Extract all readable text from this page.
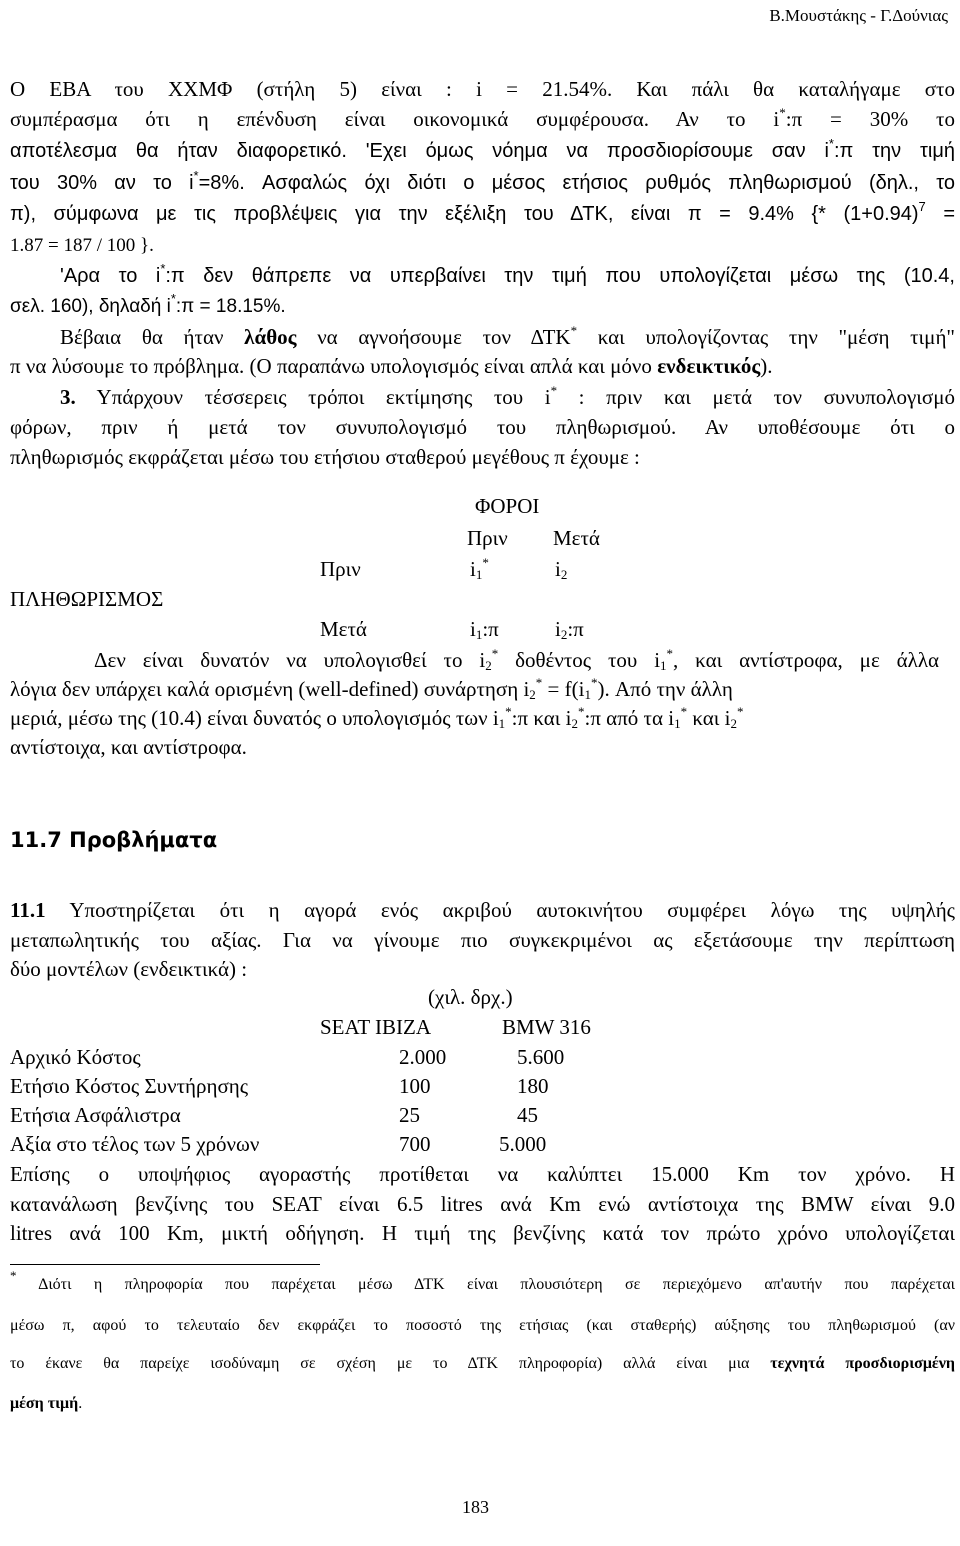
Β.Μουστάκης - Γ.Δούνιας
Ο ΕΒΑ του ΧΧΜΦ (στήλη 5) είναι : i = 21.54%. Και πάλι θα καταλήγαμε στο
συμπέρασμα ότι η επένδυση είναι οικονομικά συμφέρουσα. Αν το i*:π = 30% το
αποτέλεσμα θα ήταν διαφορετικό. 'Εχει όμως νόημα να προσδιορίσουμε σαν i*:π την τιμή
του 30% αν το i*=8%. Ασφαλώς όχι διότι ο μέσος ετήσιος ρυθμός πληθωρισμού (δηλ., το
π), σύμφωνα με τις προβλέψεις για την εξέλιξη του ΔΤΚ, είναι π = 9.4% {* $(1+0.94)^7$ =
1.87 = 187 / 100 }.
'Αρα το i*:π δεν θάπρεπε να υπερβαίνει την τιμή που υπολογίζεται μέσω της (10.4,
σελ. 160), δηλαδή i*:π = 18.15%.
Βέβαια θα ήταν λάθος να αγνοήσουμε τον ΔΤΚ* και υπολογίζοντας την "μέση τιμή"
π να λύσουμε το πρόβλημα. (Ο παραπάνω υπολογισμός είναι απλά και μόνο ενδεικτικός).
3. Υπάρχουν τέσσερεις τρόποι εκτίμησης του i* : πριν και μετά τον συνυπολογισμό
φόρων, πριν ή μετά τον συνυπολογισμό του πληθωρισμού. Αν υποθέσουμε ότι ο
πληθωρισμός εκφράζεται μέσω του ετήσιου σταθερού μεγέθους π έχουμε :
ΦΟΡΟΙ
Πριν Μετά
Πριν	$i_1^*$	$i_2$
ΠΛΗΘΩΡΙΣΜΟΣ
Μετά	$i_1:\pi$	$i_2:\pi$
Δεν είναι δυνατόν να υπολογισθεί το $i_2^*$ δοθέντος του $i_1^*$, και αντίστροφα, με άλλα
λόγια δεν υπάρχει καλά ορισμένη (well-defined) συνάρτηση $i_2^* = f(i_1^*)$. Από την άλλη
μεριά, μέσω της (10.4) είναι δυνατός ο υπολογισμός των $i_1^*:\pi$ και $i_2^*:\pi$ από τα $i_1^*$ και $i_2^*$
αντίστοιχα, και αντίστροφα.
11.7 Προβλήματα
11.1 Υποστηρίζεται ότι η αγορά ενός ακριβού αυτοκινήτου συμφέρει λόγω της υψηλής
μεταπωλητικής του αξίας. Για να γίνουμε πιο συγκεκριμένοι ας εξετάσουμε την περίπτωση
δύο μοντέλων (ενδεικτικά) :
(χιλ. δρχ.)
SEAT IBIZA	BMW 316
Αρχικό Κόστος	2.000	5.600
Ετήσιο Κόστος Συντήρησης	100	180
Ετήσια Ασφάλιστρα	25	45
Αξία στο τέλος των 5 χρόνων	700	5.000
Επίσης ο υποψήφιος αγοραστής προτίθεται να καλύπτει 15.000 Km τον χρόνο. Η
κατανάλωση βενζίνης του SEAT είναι 6.5 litres ανά Km ενώ αντίστοιχα της BMW είναι 9.0
litres ανά 100 Km, μικτή οδήγηση. Η τιμή της βενζίνης κατά τον πρώτο χρόνο υπολογίζεται
* Διότι η πληροφορία που παρέχεται μέσω ΔΤΚ είναι πλουσιότερη σε περιεχόμενο απ'αυτήν που παρέχεται
μέσω π, αφού το τελευταίο δεν εκφράζει το ποσοστό της ετήσιας (και σταθερής) αύξησης του πληθωρισμού (αν
το έκανε θα παρείχε ισοδύναμη σε σχέση με το ΔΤΚ πληροφορία) αλλά είναι μια τεχνητά προσδιορισμένη
μέση τιμή.
183
